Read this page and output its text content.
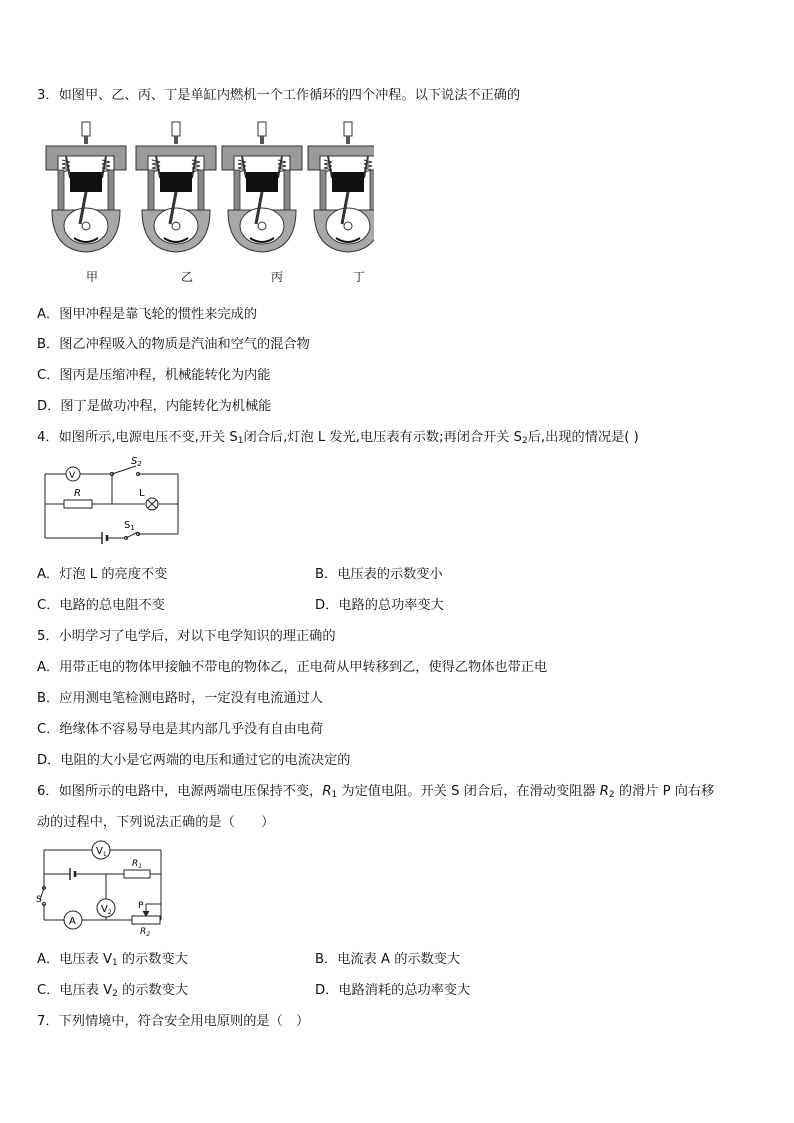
3．如图甲、乙、丙、丁是单缸内燃机一个工作循环的四个冲程。以下说法不正确的
甲	乙	丙	丁
A．图甲冲程是靠飞轮的惯性来完成的
B．图乙冲程吸入的物质是汽油和空气的混合物
C．图丙是压缩冲程，机械能转化为内能
D．图丁是做功冲程，内能转化为机械能
4．如图所示,电源电压不变,开关 $S_1$闭合后,灯泡 L 发光,电压表有示数;再闭合开关 $S_2$后,出现的情况是( )
V
$S_2$
R	L
$S_1$
A．灯泡 L 的亮度不变	B．电压表的示数变小
C．电路的总电阻不变	D．电路的总功率变大
5．小明学习了电学后，对以下电学知识的理正确的
A．用带正电的物体甲接触不带电的物体乙，正电荷从甲转移到乙，使得乙物体也带正电
B．应用测电笔检测电路时，一定没有电流通过人
C．绝缘体不容易导电是其内部几乎没有自由电荷
D．电阻的大小是它两端的电压和通过它的电流决定的
6．如图所示的电路中，电源两端电压保持不变，$R_1$ 为定值电阻。开关 S 闭合后，在滑动变阻器 $R_2$ 的滑片 P 向右移
动的过程中，下列说法正确的是（　　）
$V_1$
$R_1$
S
$V_2$
A
P
$R_2$
A．电压表 $V_1$ 的示数变大	B．电流表 A 的示数变大
C．电压表 $V_2$ 的示数变大	D．电路消耗的总功率变大
7．下列情境中，符合安全用电原则的是（　）
